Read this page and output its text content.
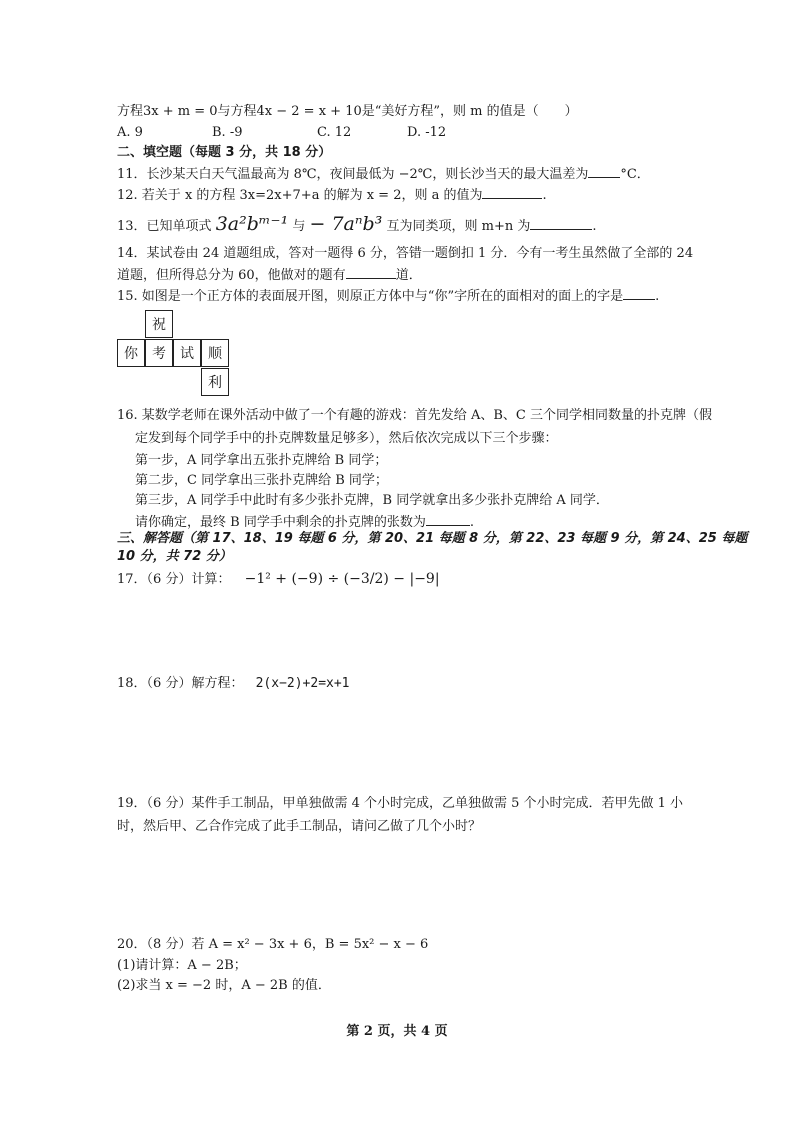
方程3x + m = 0与方程4x − 2 = x + 10是“美好方程”，则 m 的值是（　　）
A. 9	B. -9	C. 12	D. -12
二、填空题（每题 3 分，共 18 分）
11．长沙某天白天气温最高为 8℃，夜间最低为 −2℃，则长沙当天的最大温差为 °C．
12. 若关于 x 的方程 3x=2x+7+a 的解为 x = 2，则 a 的值为	.
13．已知单项式 3a²bᵐ⁻¹ 与 − 7aⁿb³ 互为同类项，则 m+n 为	.
14．某试卷由 24 道题组成，答对一题得 6 分，答错一题倒扣 1 分．今有一考生虽然做了全部的 24
道题，但所得总分为 60，他做对的题有	道．
15. 如图是一个正方体的表面展开图，则原正方体中与“你”字所在的面相对的面上的字是 .
祝
你	考	试	顺
利
16. 某数学老师在课外活动中做了一个有趣的游戏：首先发给 A、B、C 三个同学相同数量的扑克牌（假
定发到每个同学手中的扑克牌数量足够多），然后依次完成以下三个步骤：
第一步，A 同学拿出五张扑克牌给 B 同学；
第二步，C 同学拿出三张扑克牌给 B 同学；
第三步，A 同学手中此时有多少张扑克牌，B 同学就拿出多少张扑克牌给 A 同学．
请你确定，最终 B 同学手中剩余的扑克牌的张数为	.
三、解答题（第 17、18、19 每题 6 分，第 20、21 每题 8 分，第 22、23 每题 9 分，第 24、25 每题
10 分，共 72 分）
17．（6 分）计算： −1² + (−9) ÷ (−3/2) − |−9|
18．（6 分）解方程： 2(x−2)+2=x+1
19．（6 分）某件手工制品，甲单独做需 4 个小时完成，乙单独做需 5 个小时完成．若甲先做 1 小
时，然后甲、乙合作完成了此手工制品，请问乙做了几个小时？
20．（8 分）若 A = x² − 3x + 6，B = 5x² − x − 6
(1)请计算：A − 2B；
(2)求当 x = −2 时，A − 2B 的值．
第 2 页，共 4 页
